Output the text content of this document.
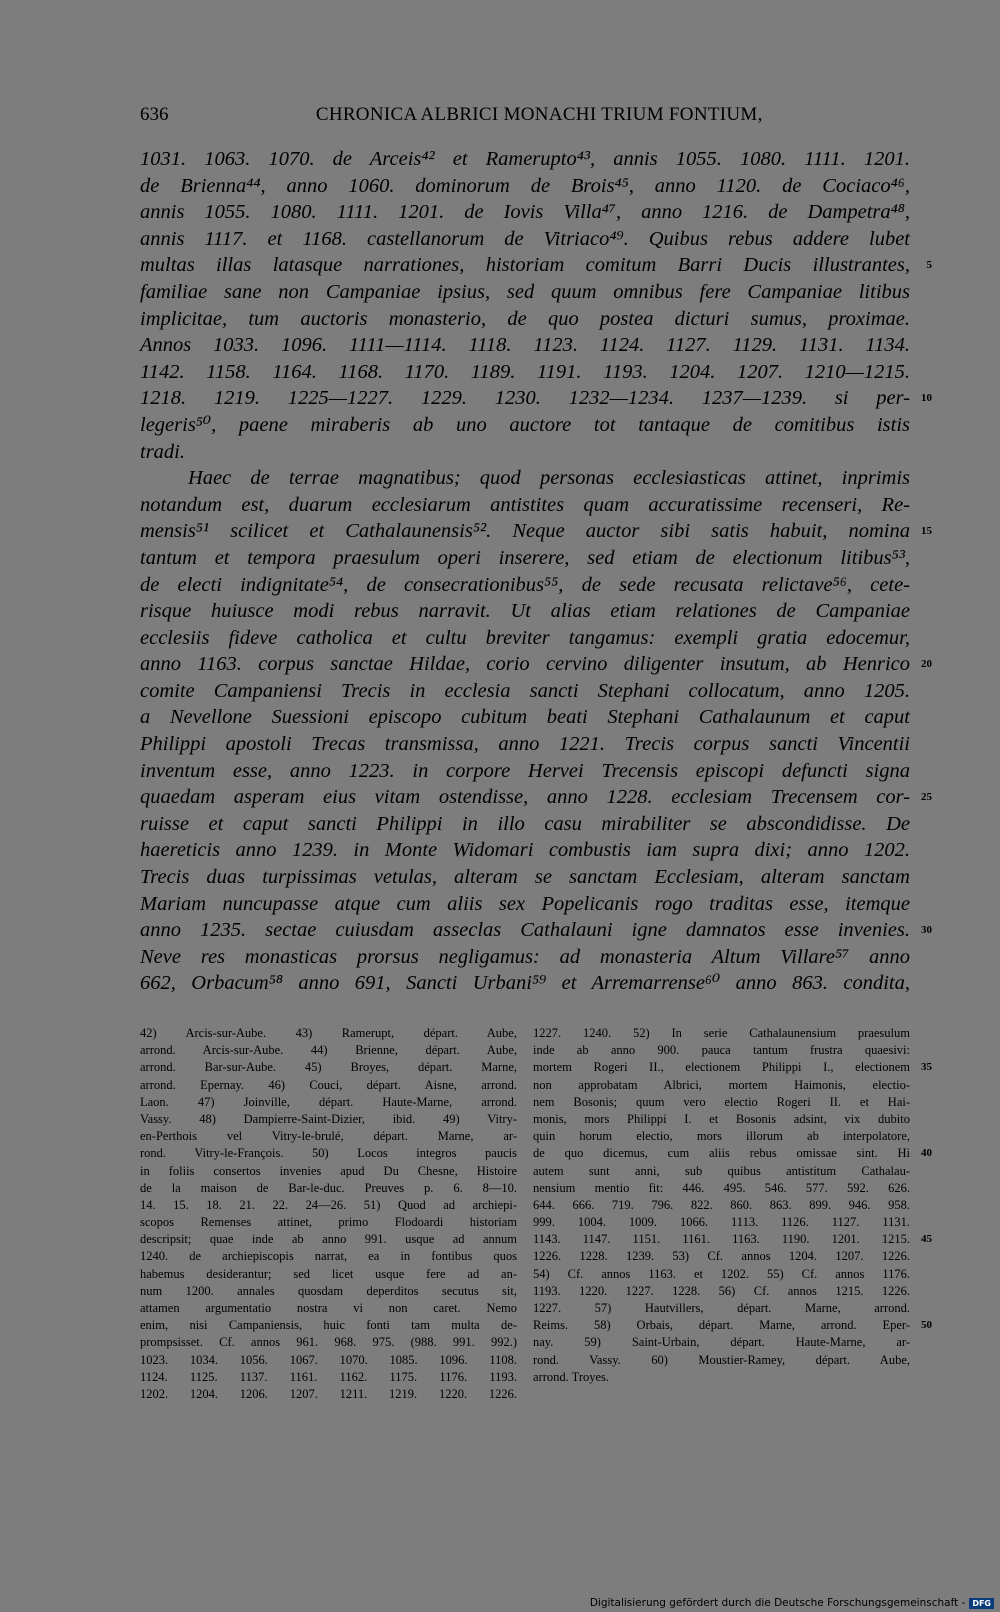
636	CHRONICA ALBRICI MONACHI TRIUM FONTIUM,
1031. 1063. 1070. de Arceis⁴² et Ramerupto⁴³, annis 1055. 1080. 1111. 1201.
de Brienna⁴⁴, anno 1060. dominorum de Brois⁴⁵, anno 1120. de Cociaco⁴⁶,
annis 1055. 1080. 1111. 1201. de Iovis Villa⁴⁷, anno 1216. de Dampetra⁴⁸,
annis 1117. et 1168. castellanorum de Vitriaco⁴⁹. Quibus rebus addere lubet
multas illas latasque narrationes, historiam comitum Barri Ducis illustrantes, 5
familiae sane non Campaniae ipsius, sed quum omnibus fere Campaniae litibus
implicitae, tum auctoris monasterio, de quo postea dicturi sumus, proximae.
Annos 1033. 1096. 1111—1114. 1118. 1123. 1124. 1127. 1129. 1131. 1134.
1142. 1158. 1164. 1168. 1170. 1189. 1191. 1193. 1204. 1207. 1210—1215.
1218. 1219. 1225—1227. 1229. 1230. 1232—1234. 1237—1239. si per- 10
legeris⁵⁰, paene miraberis ab uno auctore tot tantaque de comitibus istis
tradi.
Haec de terrae magnatibus; quod personas ecclesiasticas attinet, inprimis
notandum est, duarum ecclesiarum antistites quam accuratissime recenseri, Re-
mensis⁵¹ scilicet et Cathalaunensis⁵². Neque auctor sibi satis habuit, nomina 15
tantum et tempora praesulum operi inserere, sed etiam de electionum litibus⁵³,
de electi indignitate⁵⁴, de consecrationibus⁵⁵, de sede recusata relictave⁵⁶, cete-
risque huiusce modi rebus narravit. Ut alias etiam relationes de Campaniae
ecclesiis fideve catholica et cultu breviter tangamus: exempli gratia edocemur,
anno 1163. corpus sanctae Hildae, corio cervino diligenter insutum, ab Henrico 20
comite Campaniensi Trecis in ecclesia sancti Stephani collocatum, anno 1205.
a Nevellone Suessioni episcopo cubitum beati Stephani Cathalaunum et caput
Philippi apostoli Trecas transmissa, anno 1221. Trecis corpus sancti Vincentii
inventum esse, anno 1223. in corpore Hervei Trecensis episcopi defuncti signa
quaedam asperam eius vitam ostendisse, anno 1228. ecclesiam Trecensem cor- 25
ruisse et caput sancti Philippi in illo casu mirabiliter se abscondidisse. De
haereticis anno 1239. in Monte Widomari combustis iam supra dixi; anno 1202.
Trecis duas turpissimas vetulas, alteram se sanctam Ecclesiam, alteram sanctam
Mariam nuncupasse atque cum aliis sex Popelicanis rogo traditas esse, itemque
anno 1235. sectae cuiusdam asseclas Cathalauni igne damnatos esse invenies. 30
Neve res monasticas prorsus negligamus: ad monasteria Altum Villare⁵⁷ anno
662, Orbacum⁵⁸ anno 691, Sancti Urbani⁵⁹ et Arremarrense⁶⁰ anno 863. condita,
42) Arcis-sur-Aube. 43) Ramerupt, départ. Aube,
arrond. Arcis-sur-Aube. 44) Brienne, départ. Aube,
arrond. Bar-sur-Aube. 45) Broyes, départ. Marne,
arrond. Epernay. 46) Couci, départ. Aisne, arrond.
Laon. 47) Joinville, départ. Haute-Marne, arrond.
Vassy. 48) Dampierre-Saint-Dizier, ibid. 49) Vitry-
en-Perthois vel Vitry-le-brulé, départ. Marne, ar-
rond. Vitry-le-François. 50) Locos integros paucis
in foliis consertos invenies apud Du Chesne, Histoire
de la maison de Bar-le-duc. Preuves p. 6. 8—10.
14. 15. 18. 21. 22. 24—26. 51) Quod ad archiepi-
scopos Remenses attinet, primo Flodoardi historiam
descripsit; quae inde ab anno 991. usque ad annum
1240. de archiepiscopis narrat, ea in fontibus quos
habemus desiderantur; sed licet usque fere ad an-
num 1200. annales quosdam deperditos secutus sit,
attamen argumentatio nostra vi non caret. Nemo
enim, nisi Campaniensis, huic fonti tam multa de-
prompsisset. Cf. annos 961. 968. 975. (988. 991. 992.)
1023. 1034. 1056. 1067. 1070. 1085. 1096. 1108.
1124. 1125. 1137. 1161. 1162. 1175. 1176. 1193.
1202. 1204. 1206. 1207. 1211. 1219. 1220. 1226.
1227. 1240. 52) In serie Cathalaunensium praesulum
inde ab anno 900. pauca tantum frustra quaesivi:
mortem Rogeri II., electionem Philippi I., electionem 35
non approbatam Albrici, mortem Haimonis, electio-
nem Bosonis; quum vero electio Rogeri II. et Hai-
monis, mors Philippi I. et Bosonis adsint, vix dubito
quin horum electio, mors illorum ab interpolatore,
de quo dicemus, cum aliis rebus omissae sint. Hi 40
autem sunt anni, sub quibus antistitum Cathalau-
nensium mentio fit: 446. 495. 546. 577. 592. 626.
644. 666. 719. 796. 822. 860. 863. 899. 946. 958.
999. 1004. 1009. 1066. 1113. 1126. 1127. 1131.
1143. 1147. 1151. 1161. 1163. 1190. 1201. 1215. 45
1226. 1228. 1239. 53) Cf. annos 1204. 1207. 1226.
54) Cf. annos 1163. et 1202. 55) Cf. annos 1176.
1193. 1220. 1227. 1228. 56) Cf. annos 1215. 1226.
1227. 57) Hautvillers, départ. Marne, arrond.
Reims. 58) Orbais, départ. Marne, arrond. Eper- 50
nay. 59) Saint-Urbain, départ. Haute-Marne, ar-
rond. Vassy. 60) Moustier-Ramey, départ. Aube,
arrond. Troyes.
Digitalisierung gefördert durch die Deutsche Forschungsgemeinschaft - DFG
